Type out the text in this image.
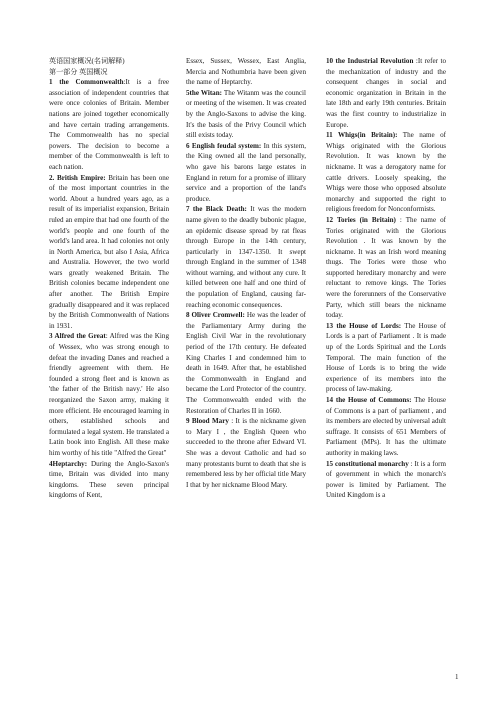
英语国家概况(名词解释)

第一部分 英国概况

1 the Commonwealth:It is a free association of independent countries that were once colonies of Britain. Member nations are joined together economically and have certain trading arrangements. The Commonwealth has no special powers. The decision to become a member of the Commonwealth is left to each nation.

2. British Empire: Britain has been one of the most important countries in the world. About a hundred years ago, as a result of its imperialist expansion, Britain ruled an empire that had one fourth of the world's people and one fourth of the world's land area. It had colonies not only in North America, but also I Asia, Africa and Australia. However, the two world wars greatly weakened Britain. The British colonies became independent one after another. The British Empire gradually disappeared and it was replaced by the British Commonwealth of Nations in 1931.

3 Alfred the Great: Alfred was the King of Wessex, who was strong enough to defeat the invading Danes and reached a friendly agreement with them. He founded a strong fleet and is known as 'the father of the British navy.' He also reorganized the Saxon army, making it more efficient. He encouraged learning in others, established schools and formulated a legal system. He translated a Latin book into English. All these make him worthy of his title "Alfred the Great"

4Heptarchy: During the Anglo-Saxon's time, Britain was divided into many kingdoms. These seven principal kingdoms of Kent,

Essex, Sussex, Wessex, East Anglia, Mercia and Nothumbria have been given the name of Heptarchy.

5the Witan: The Witanm was the council or meeting of the wisemen. It was created by the Anglo-Saxons to advise the king. It's the basis of the Privy Council which still exists today.

6 English feudal system: In this system, the King owned all the land personally, who gave his barons large estates in England in return for a promise of illitary service and a proportion of the land's produce.

7 the Black Death: It was the modern name given to the deadly bubonic plague, an epidemic disease spread by rat fleas through Europe in the 14th century, particularly in 1347-1350. It swept through England in the summer of 1348 without warning, and without any cure. It killed between one half and one third of the population of England, causing far-reaching economic consequences.

8 Oliver Cromwell: He was the leader of the Parliamentary Army during the English Civil War in the revolutionary period of the 17th century. He defeated King Charles I and condemned him to death in 1649. After that, he established the Commonwealth in England and became the Lord Protector of the country. The Commonwealth ended with the Restoration of Charles II in 1660.

9 Blood Mary : It is the nickname given to Mary I , the English Queen who succeeded to the throne after Edward VI. She was a devout Catholic and had so many protestants burnt to death that she is remembered less by her official title Mary I that by her nickname Blood Mary.

10 the Industrial Revolution :It refer to the mechanization of industry and the consequent changes in social and economic organization in Britain in the late 18th and early 19th centuries. Britain was the first country to industrialize in Europe.

11 Whigs(in Britain): The name of Whigs originated with the Glorious Revolution. It was known by the nickname. It was a derogatory name for cattle drivers. Loosely speaking, the Whigs were those who opposed absolute monarchy and supported the right to religious freedom for Nonconformists.

12 Tories (in Britain) : The name of Tories originated with the Glorious Revolution . It was known by the nickname. It was an Irish word meaning thugs. The Tories were those who supported hereditary monarchy and were reluctant to remove kings. The Tories were the forerunners of the Conservative Party, which still bears the nickname today.

13 the House of Lords: The House of Lords is a part of Parliament . It is made up of the Lords Spiritual and the Lords Temporal. The main function of the House of Lords is to bring the wide experience of its members into the process of law-making.

14 the House of Commons: The House of Commons is a part of parliament , and its members are elected by universal adult suffrage. It consists of 651 Members of Parliament (MPs). It has the ultimate authority in making laws.

15 constitutional monarchy : It is a form of government in which the monarch's power is limited by Parliament. The United Kingdom is a

1
